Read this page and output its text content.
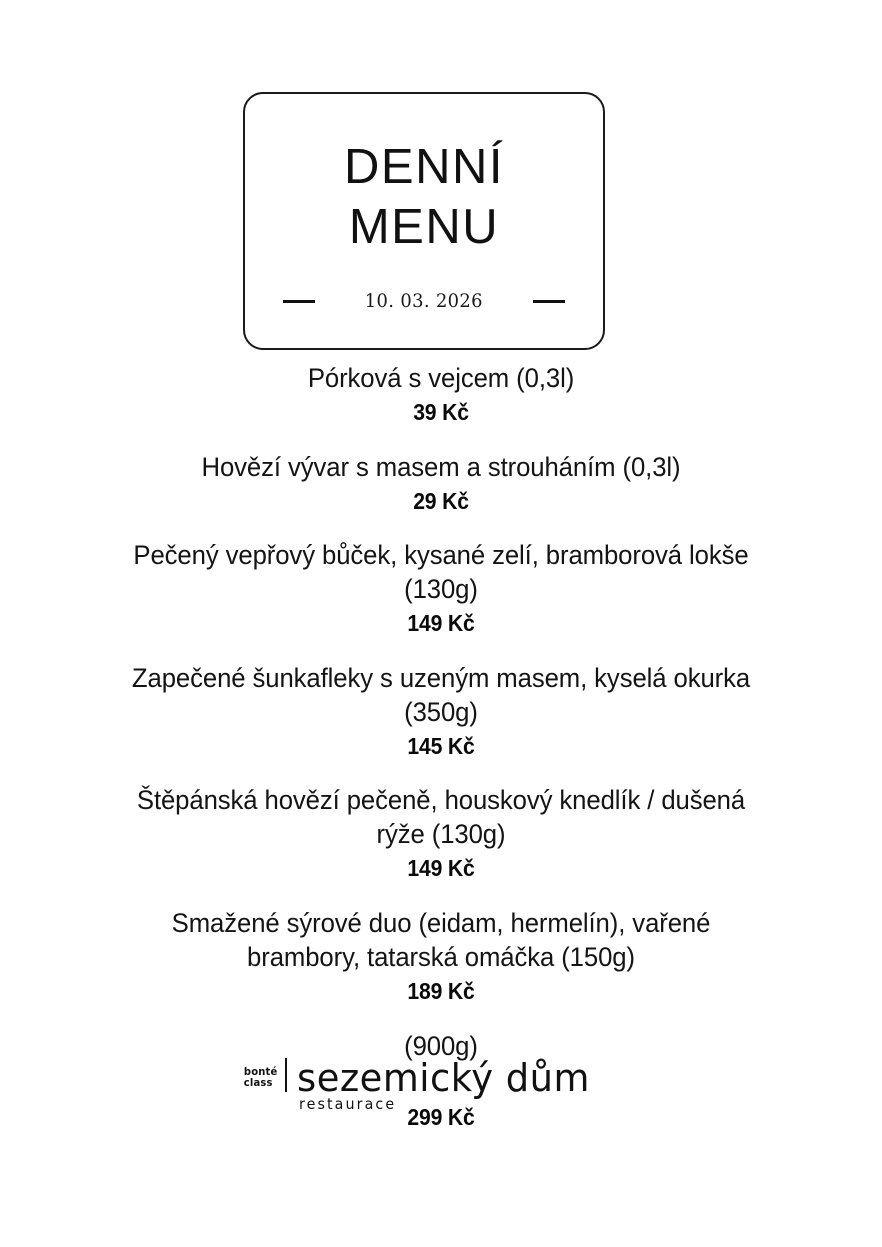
DENNÍ
MENU
10. 03. 2026

Pórková s vejcem (0,3l)

39 Kč

Hovězí vývar s masem a strouháním (0,3l)

29 Kč

Pečený vepřový bůček, kysané zelí, bramborová lokše (130g)

149 Kč

Zapečené šunkafleky s uzeným masem, kyselá okurka (350g)

145 Kč

Štěpánská hovězí pečeně, houskový knedlík / dušená rýže (130g)

149 Kč

Smažené sýrové duo (eidam, hermelín), vařené brambory, tatarská omáčka (150g)

189 Kč

(900g)

299 Kč

bonté
class sezemický dům
restaurace
